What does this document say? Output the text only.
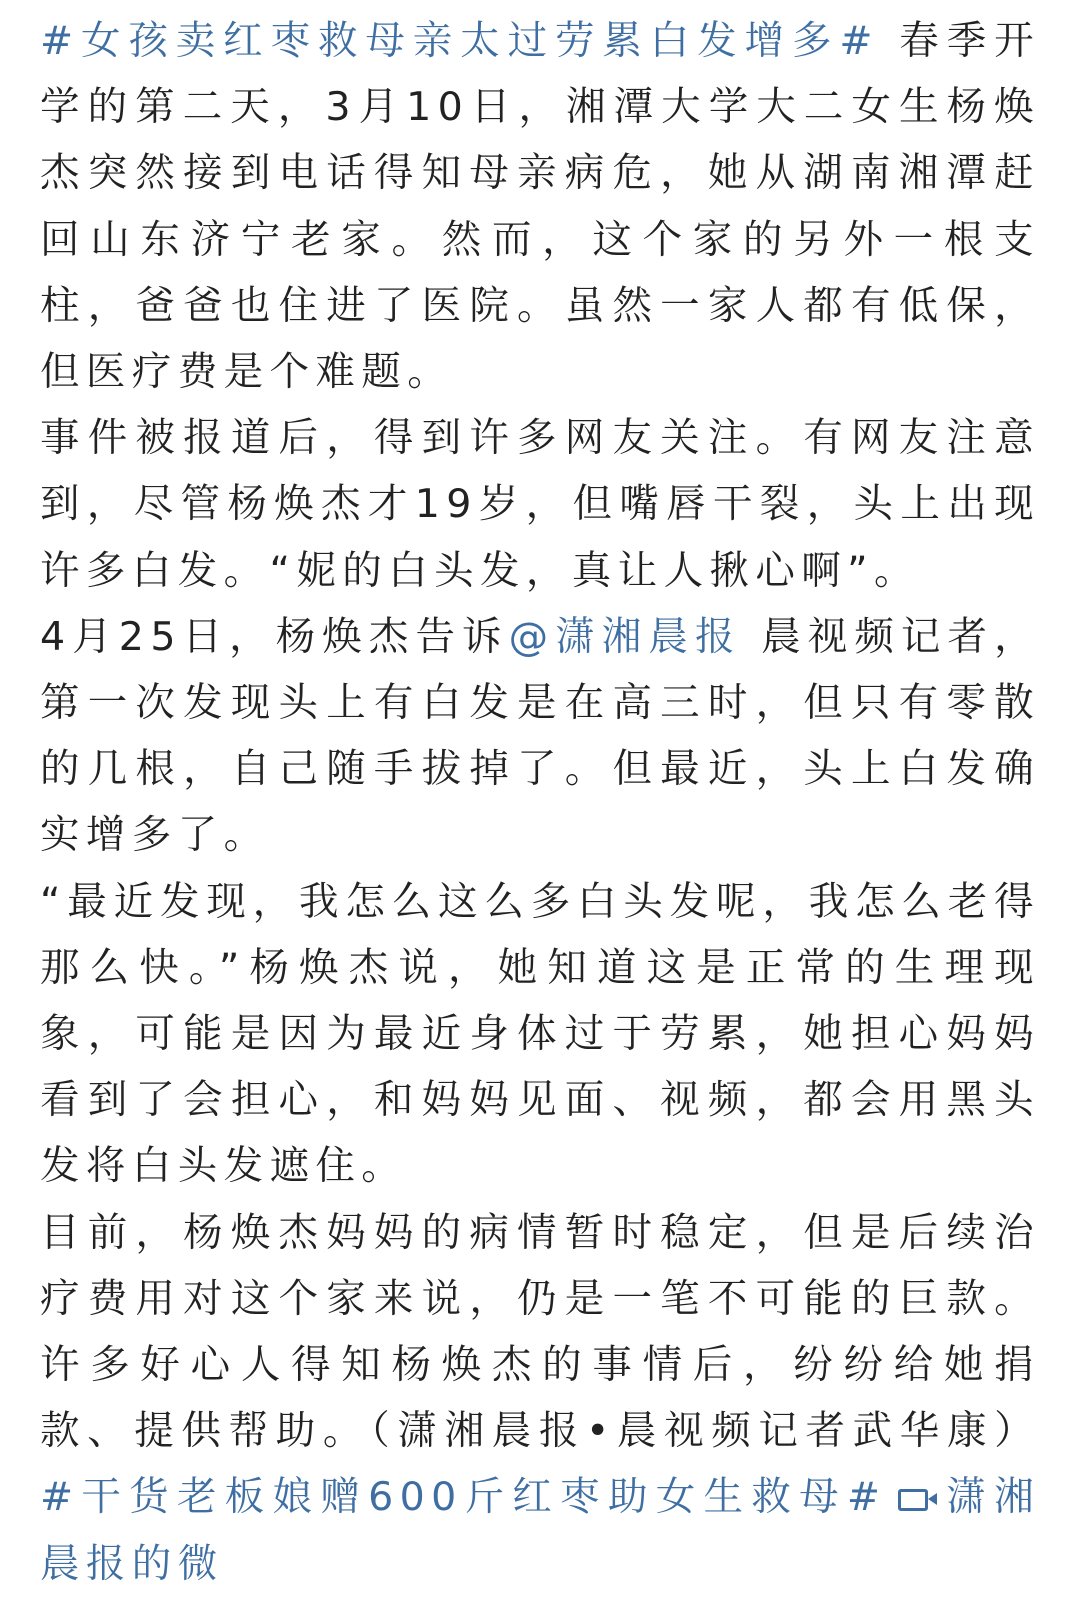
#女孩卖红枣救母亲太过劳累白发增多# 春季开学的第二天，3月10日，湘潭大学大二女生杨焕杰突然接到电话得知母亲病危，她从湖南湘潭赶回山东济宁老家。然而，这个家的另外一根支柱，爸爸也住进了医院。虽然一家人都有低保，但医疗费是个难题。
事件被报道后，得到许多网友关注。有网友注意到，尽管杨焕杰才19岁，但嘴唇干裂，头上出现许多白发。“妮的白头发，真让人揪心啊”。
4月25日，杨焕杰告诉@潇湘晨报 晨视频记者，第一次发现头上有白发是在高三时，但只有零散的几根，自己随手拔掉了。但最近，头上白发确实增多了。
“最近发现，我怎么这么多白头发呢，我怎么老得那么快。”杨焕杰说，她知道这是正常的生理现象，可能是因为最近身体过于劳累，她担心妈妈看到了会担心，和妈妈见面、视频，都会用黑头发将白头发遮住。
目前，杨焕杰妈妈的病情暂时稳定，但是后续治疗费用对这个家来说，仍是一笔不可能的巨款。许多好心人得知杨焕杰的事情后，纷纷给她捐款、提供帮助。（潇湘晨报•晨视频记者武华康） #干货老板娘赠600斤红枣助女生救母# 潇湘晨报的微
